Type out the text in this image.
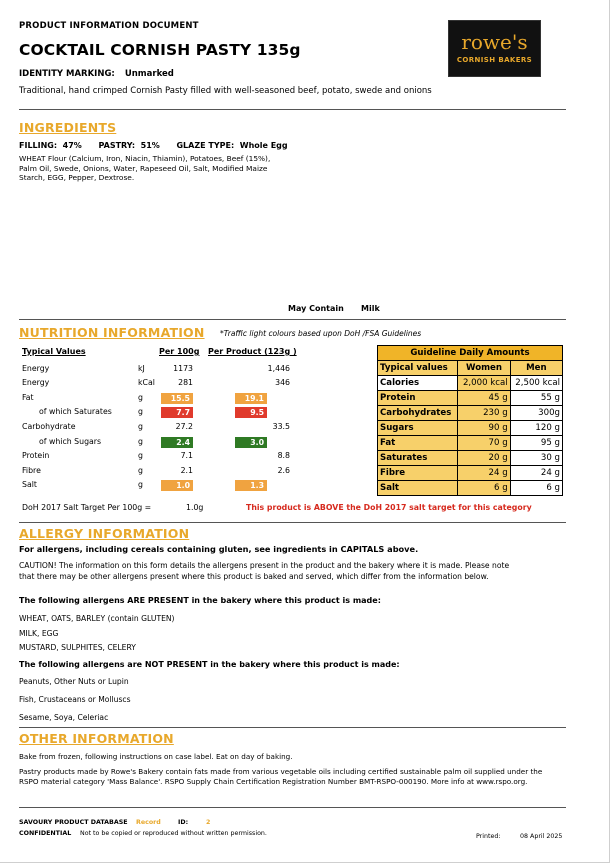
PRODUCT INFORMATION DOCUMENT
COCKTAIL CORNISH PASTY 135g
IDENTITY MARKING: Unmarked
Traditional, hand crimped Cornish Pasty filled with well-seasoned beef, potato, swede and onions
rowe's
CORNISH BAKERS
INGREDIENTS
FILLING:  47%      PASTRY:  51%      GLAZE TYPE:  Whole Egg
WHEAT Flour (Calcium, Iron, Niacin, Thiamin), Potatoes, Beef (15%),
Palm Oil, Swede, Onions, Water, Rapeseed Oil, Salt, Modified Maize
Starch, EGG, Pepper, Dextrose.
May Contain Milk
NUTRITION INFORMATION *Traffic light colours based upon DoH /FSA Guidelines
Typical Values	Per 100g Per Product (123g )
Energy	kJ	1173	1,446
Energy	kCal	281	346
Fat	g	15.5	19.1
of which Saturates	g	7.7	9.5
Carbohydrate	g	27.2	33.5
of which Sugars	g	2.4	3.0
Protein	g	7.1	8.8
Fibre	g	2.1	2.6
Salt	g	1.0	1.3
DoH 2017 Salt Target Per 100g =	1.0g	This product is ABOVE the DoH 2017 salt target for this category
Guideline Daily Amounts		
Typical values	Women	Men
Calories	2,000 kcal	2,500 kcal
Protein	45 g	55 g
Carbohydrates	230 g	300g
Sugars	90 g	120 g
Fat	70 g	95 g
Saturates	20 g	30 g
Fibre	24 g	24 g
Salt	6 g	6 g
ALLERGY INFORMATION
For allergens, including cereals containing gluten, see ingredients in CAPITALS above.
CAUTION! The information on this form details the allergens present in the product and the bakery where it is made. Please note
that there may be other allergens present where this product is baked and served, which differ from the information below.
The following allergens ARE PRESENT in the bakery where this product is made:
WHEAT, OATS, BARLEY (contain GLUTEN)
MILK, EGG
MUSTARD, SULPHITES, CELERY
The following allergens are NOT PRESENT in the bakery where this product is made:
Peanuts, Other Nuts or Lupin
Fish, Crustaceans or Molluscs
Sesame, Soya, Celeriac
OTHER INFORMATION
Bake from frozen, following instructions on case label. Eat on day of baking.
Pastry products made by Rowe's Bakery contain fats made from various vegetable oils including certified sustainable palm oil supplied under the
RSPO material category 'Mass Balance'. RSPO Supply Chain Certification Registration Number BMT-RSPO-000190. More info at www.rspo.org.
SAVOURY PRODUCT DATABASE Record	ID:	2
CONFIDENTIAL Not to be copied or reproduced without written permission.	Printed:	08 April 2025
